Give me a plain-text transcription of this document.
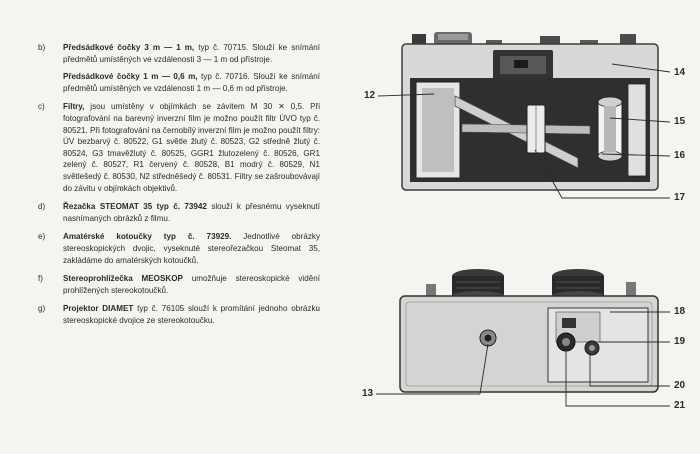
b) Předsádkové čočky 3 m — 1 m, typ č. 70715. Slouží ke snímání předmětů umístěných ve vzdálenosti 3 — 1 m od přístroje.
Předsádkové čočky 1 m — 0,6 m, typ č. 70716. Slouží ke snímání předmětů umístěných ve vzdálenosti 1 m — 0,6 m od přístroje.
c) Filtry, jsou umístěny v objímkách se závitem M 30 ✕ 0,5. Při fotografování na barevný inverzní film je možno použít filtr ÚVO typ č. 80521. Při fotografování na černobílý inverzní film je možno použít filtry: ÚV bezbarvý č. 80522, G1 světle žlutý č. 80523, G2 středně žlutý č. 80524, G3 tmavěžlutý č. 80525, GGR1 žlutozelený č. 80526, GR1 zelený č. 80527, R1 červený č. 80528, B1 modrý č. 80529, N1 světlešedý č. 80530, N2 středněšedý č. 80531. Filtry se zašroubovávají do závitu v objímkách objektivů.
d) Řezačka STEOMAT 35 typ č. 73942 slouží k přesnému vyseknutí nasnímaných obrázků z filmu.
e) Amatérské kotoučky typ č. 73929. Jednotlivé obrázky stereoskopických dvojic, vyseknuté stereořezačkou Steomat 35, zakládáme do amatérských kotoučků.
f) Stereoprohlížečka MEOSKOP umožňuje stereoskopické vidění prohlížených stereokotoučků.
g) Projektor DIAMET typ č. 76105 slouží k promítání jednoho obrázku stereoskopické dvojice ze stereokotoučku.
12
14
15
16
17
13
18
19
20
21
